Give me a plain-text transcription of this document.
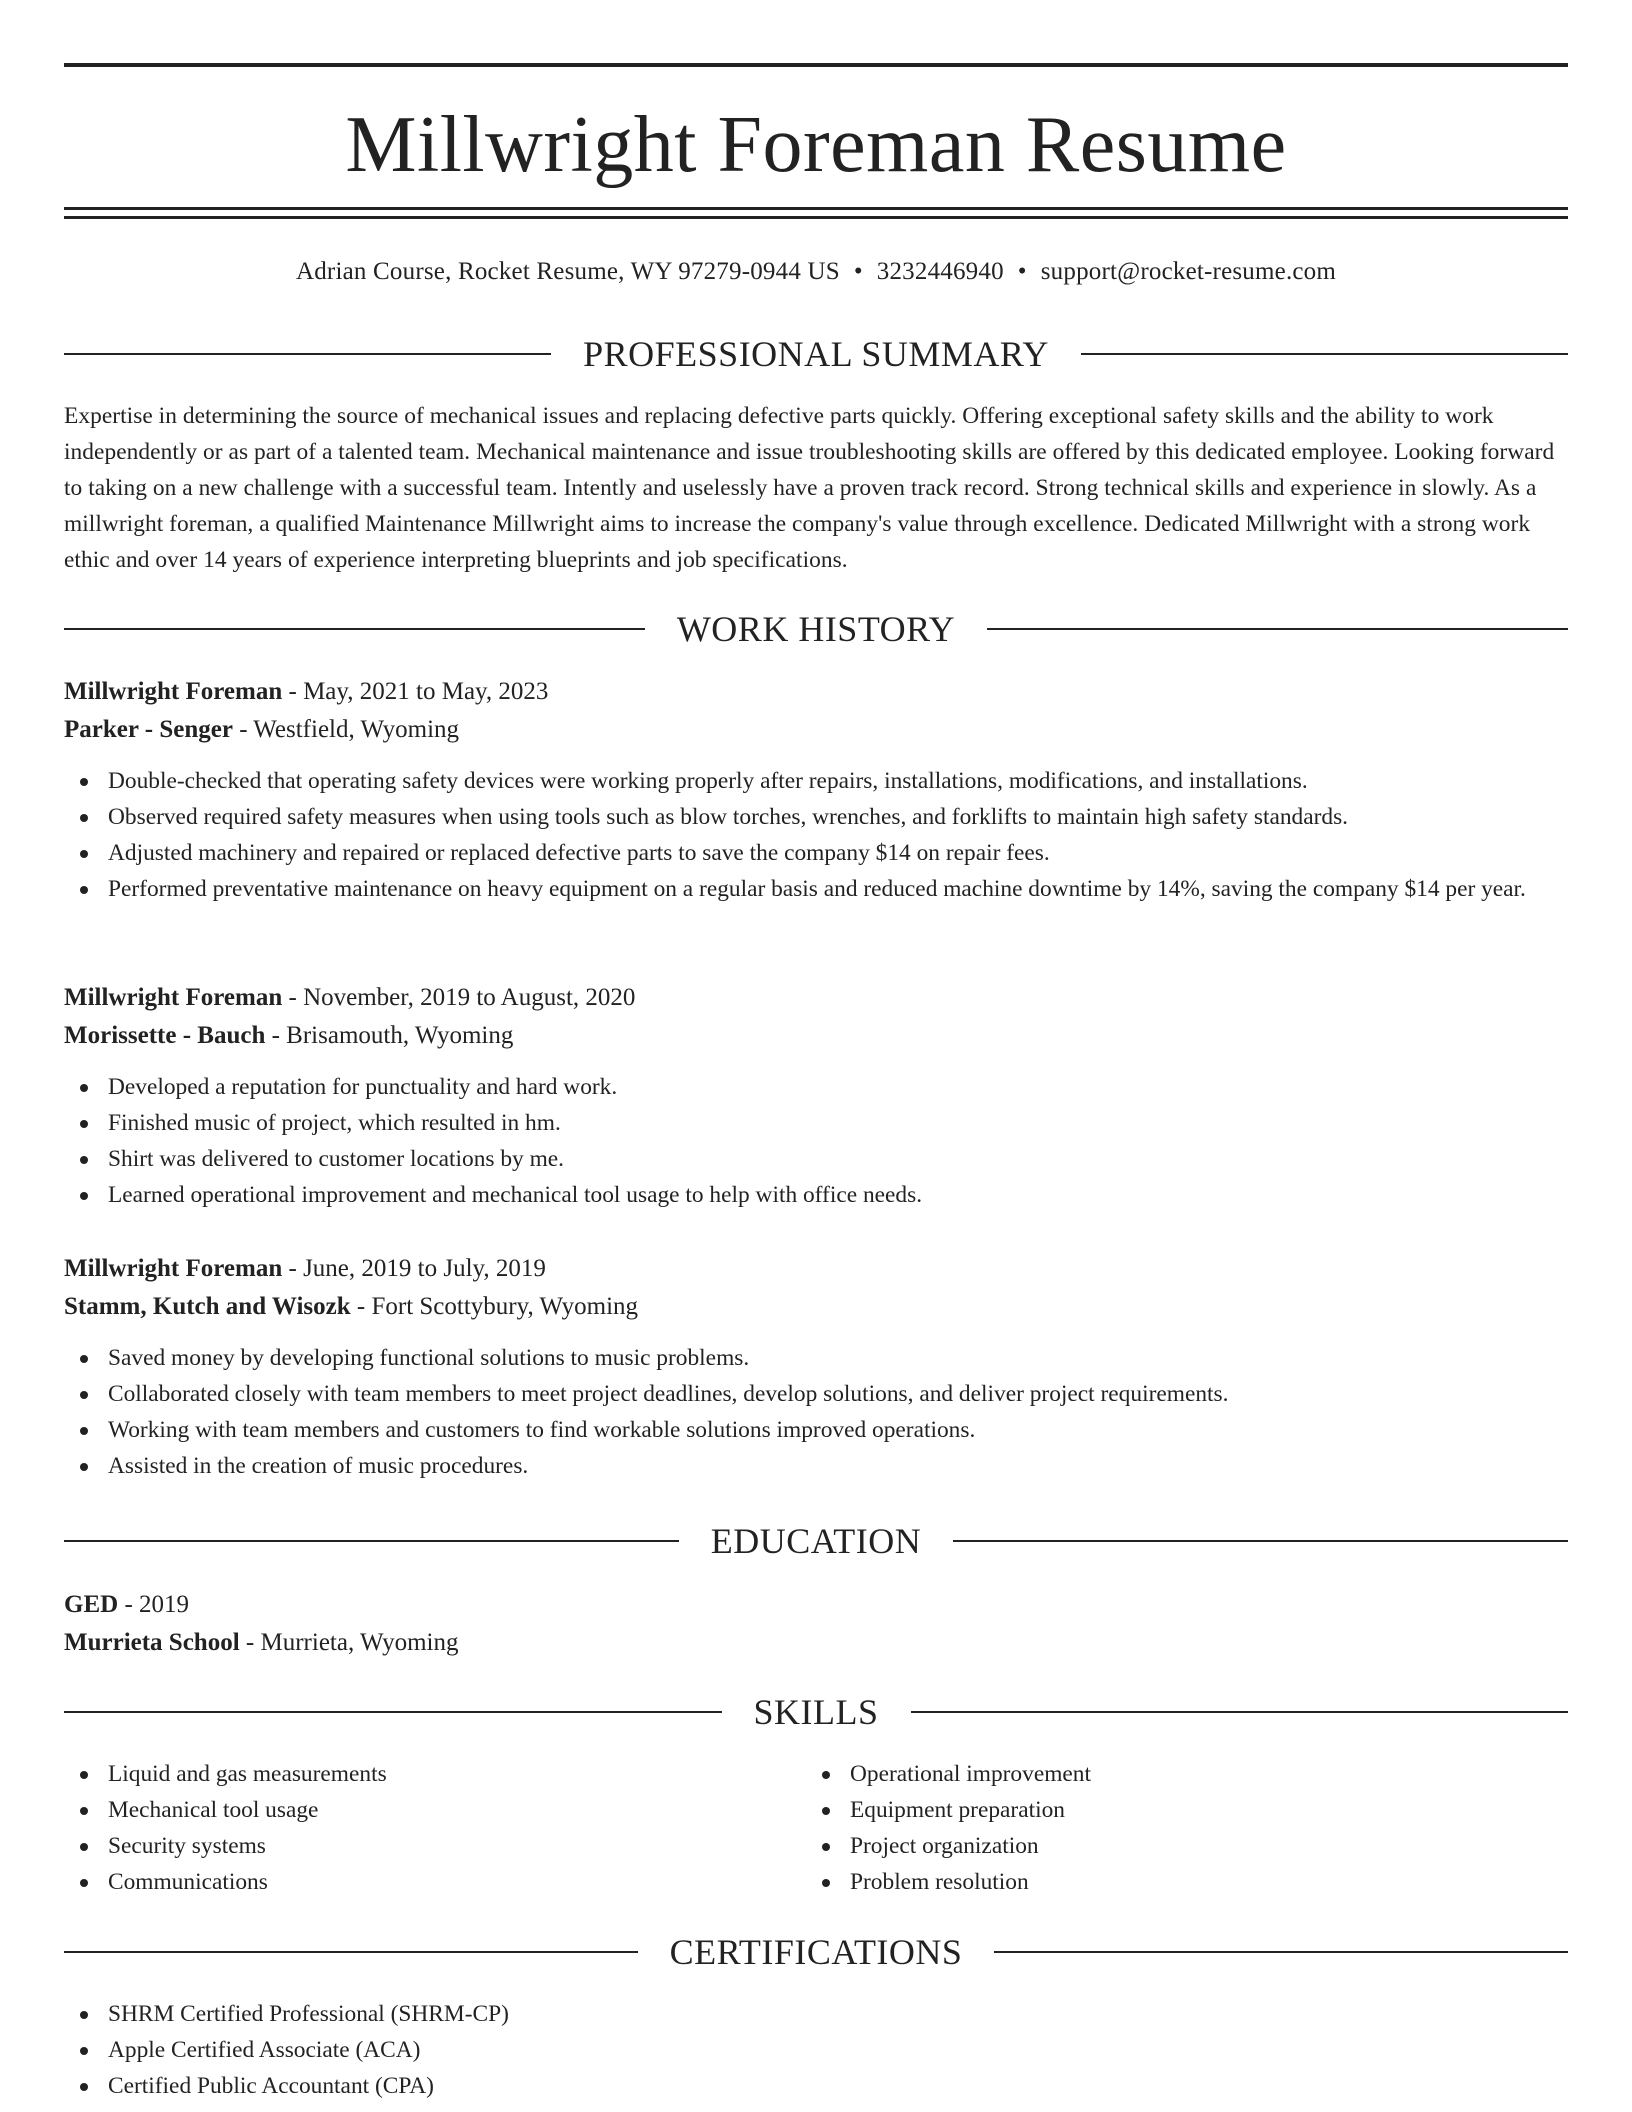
Millwright Foreman Resume
Adrian Course, Rocket Resume, WY 97279-0944 US • 3232446940 • support@rocket-resume.com
PROFESSIONAL SUMMARY

Expertise in determining the source of mechanical issues and replacing defective parts quickly. Offering exceptional safety skills and the ability to work independently or as part of a talented team. Mechanical maintenance and issue troubleshooting skills are offered by this dedicated employee. Looking forward to taking on a new challenge with a successful team. Intently and uselessly have a proven track record. Strong technical skills and experience in slowly. As a millwright foreman, a qualified Maintenance Millwright aims to increase the company's value through excellence. Dedicated Millwright with a strong work ethic and over 14 years of experience interpreting blueprints and job specifications.

WORK HISTORY
Millwright Foreman - May, 2021 to May, 2023
Parker - Senger - Westfield, Wyoming
Double-checked that operating safety devices were working properly after repairs, installations, modifications, and installations.
Observed required safety measures when using tools such as blow torches, wrenches, and forklifts to maintain high safety standards.
Adjusted machinery and repaired or replaced defective parts to save the company $14 on repair fees.
Performed preventative maintenance on heavy equipment on a regular basis and reduced machine downtime by 14%, saving the company $14 per year.
Millwright Foreman - November, 2019 to August, 2020
Morissette - Bauch - Brisamouth, Wyoming
Developed a reputation for punctuality and hard work.
Finished music of project, which resulted in hm.
Shirt was delivered to customer locations by me.
Learned operational improvement and mechanical tool usage to help with office needs.
Millwright Foreman - June, 2019 to July, 2019
Stamm, Kutch and Wisozk - Fort Scottybury, Wyoming
Saved money by developing functional solutions to music problems.
Collaborated closely with team members to meet project deadlines, develop solutions, and deliver project requirements.
Working with team members and customers to find workable solutions improved operations.
Assisted in the creation of music procedures.
EDUCATION
GED - 2019
Murrieta School - Murrieta, Wyoming
SKILLS
Liquid and gas measurements
Mechanical tool usage
Security systems
Communications
Operational improvement
Equipment preparation
Project organization
Problem resolution
CERTIFICATIONS
SHRM Certified Professional (SHRM-CP)
Apple Certified Associate (ACA)
Certified Public Accountant (CPA)
